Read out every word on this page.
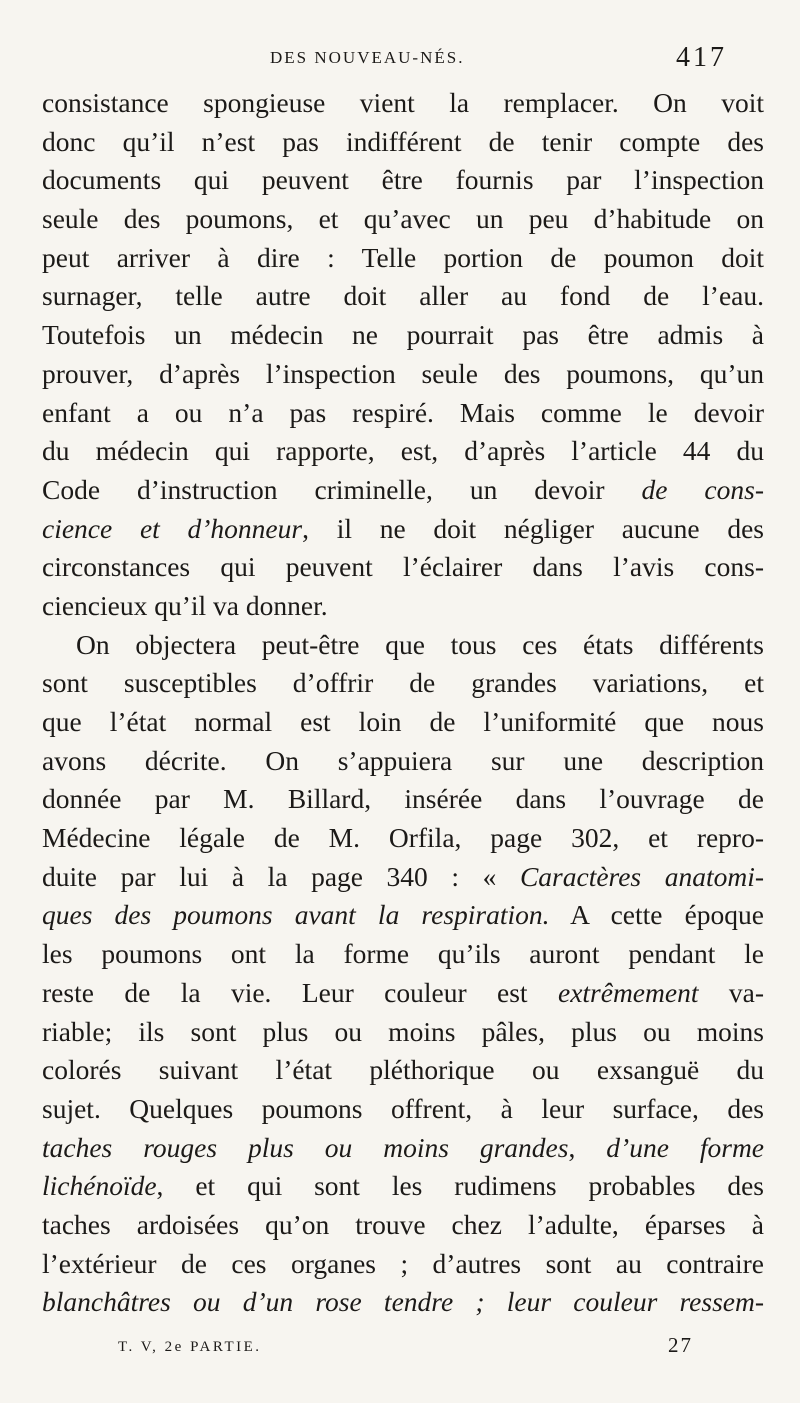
DES NOUVEAU-NÉS.	417
consistance spongieuse vient la remplacer. On voit
donc qu’il n’est pas indifférent de tenir compte des
documents qui peuvent être fournis par l’inspection
seule des poumons, et qu’avec un peu d’habitude on
peut arriver à dire : Telle portion de poumon doit
surnager, telle autre doit aller au fond de l’eau.
Toutefois un médecin ne pourrait pas être admis à
prouver, d’après l’inspection seule des poumons, qu’un
enfant a ou n’a pas respiré. Mais comme le devoir
du médecin qui rapporte, est, d’après l’article 44 du
Code d’instruction criminelle, un devoir de cons-
cience et d’honneur, il ne doit négliger aucune des
circonstances qui peuvent l’éclairer dans l’avis cons-
ciencieux qu’il va donner.
On objectera peut-être que tous ces états différents
sont susceptibles d’offrir de grandes variations, et
que l’état normal est loin de l’uniformité que nous
avons décrite. On s’appuiera sur une description
donnée par M. Billard, insérée dans l’ouvrage de
Médecine légale de M. Orfila, page 302, et repro-
duite par lui à la page 340 : « Caractères anatomi-
ques des poumons avant la respiration. A cette époque
les poumons ont la forme qu’ils auront pendant le
reste de la vie. Leur couleur est extrêmement va-
riable; ils sont plus ou moins pâles, plus ou moins
colorés suivant l’état pléthorique ou exsanguë du
sujet. Quelques poumons offrent, à leur surface, des
taches rouges plus ou moins grandes, d’une forme
lichénoïde, et qui sont les rudimens probables des
taches ardoisées qu’on trouve chez l’adulte, éparses à
l’extérieur de ces organes ; d’autres sont au contraire
blanchâtres ou d’un rose tendre ; leur couleur ressem-
T. V, 2e PARTIE.	27
